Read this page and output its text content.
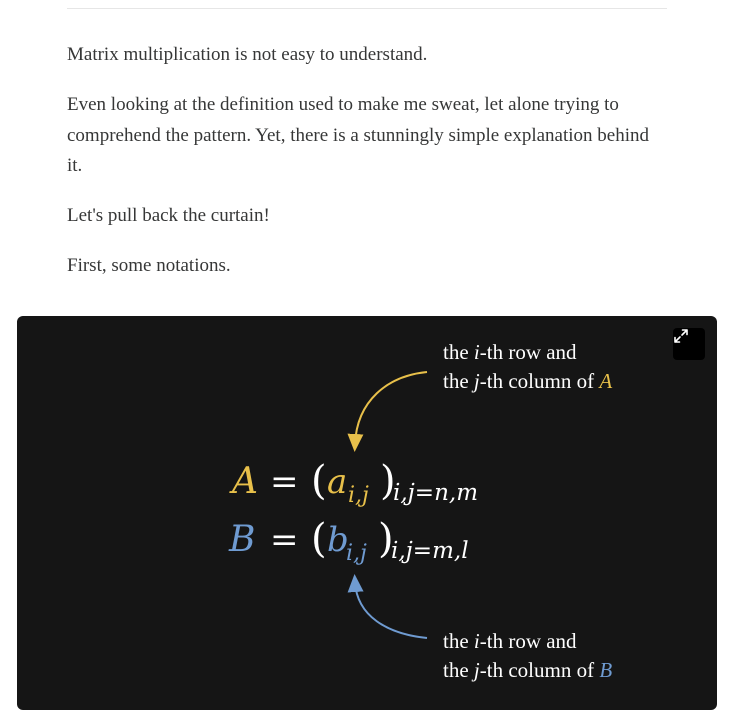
Matrix multiplication is not easy to understand.

Even looking at the definition used to make me sweat, let alone trying to comprehend the pattern. Yet, there is a stunningly simple explanation behind it.

Let's pull back the curtain!

First, some notations.

the i-th row and
the j-th column of A
A = ( a i,j )
i,j=n,m
B = ( b
i,j )
i,j=m,l
the i-th row and
the j-th column of B
